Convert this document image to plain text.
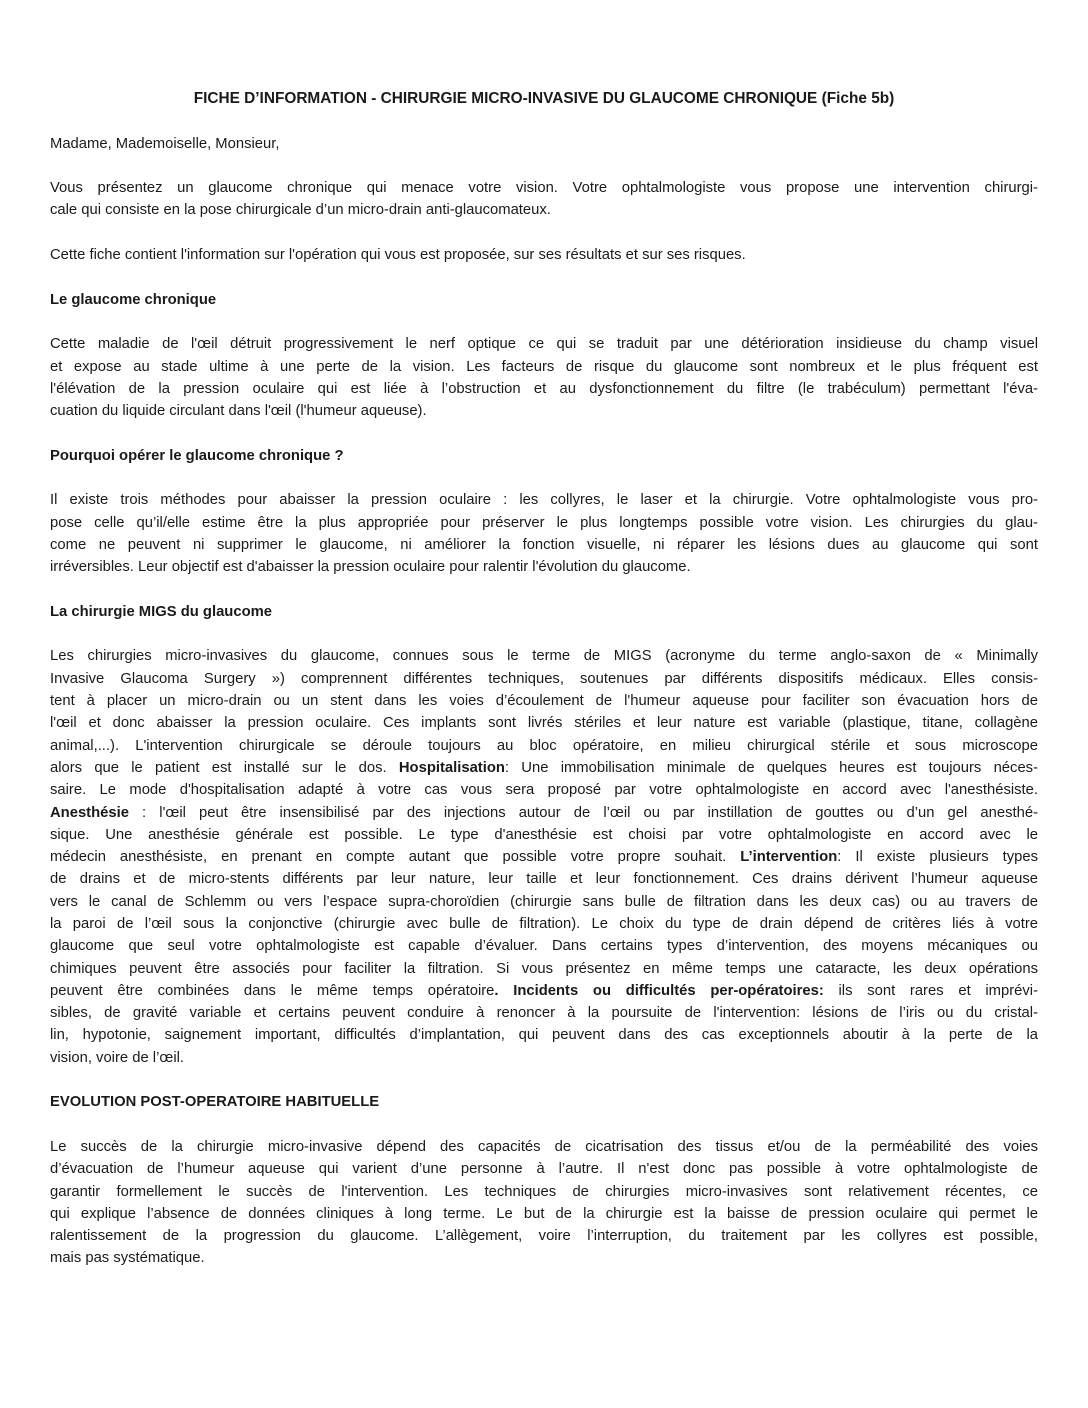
FICHE D’INFORMATION - CHIRURGIE MICRO-INVASIVE DU GLAUCOME CHRONIQUE (Fiche 5b)
Madame, Mademoiselle, Monsieur,
Vous présentez un glaucome chronique qui menace votre vision. Votre ophtalmologiste vous propose une intervention chirurgi-
cale qui consiste en la pose chirurgicale d’un micro-drain anti-glaucomateux.
Cette fiche contient l'information sur l'opération qui vous est proposée, sur ses résultats et sur ses risques.
Le glaucome chronique
Cette maladie de l'œil détruit progressivement le nerf optique ce qui se traduit par une détérioration insidieuse du champ visuel
et expose au stade ultime à une perte de la vision. Les facteurs de risque du glaucome sont nombreux et le plus fréquent est
l'élévation de la pression oculaire qui est liée à l’obstruction et au dysfonctionnement du filtre (le trabéculum) permettant l'éva-
cuation du liquide circulant dans l'œil (l'humeur aqueuse).
Pourquoi opérer le glaucome chronique ?
Il existe trois méthodes pour abaisser la pression oculaire : les collyres, le laser et la chirurgie. Votre ophtalmologiste vous pro-
pose celle qu’il/elle estime être la plus appropriée pour préserver le plus longtemps possible votre vision. Les chirurgies du glau-
come ne peuvent ni supprimer le glaucome, ni améliorer la fonction visuelle, ni réparer les lésions dues au glaucome qui sont
irréversibles. Leur objectif est d'abaisser la pression oculaire pour ralentir l'évolution du glaucome.
La chirurgie MIGS du glaucome
Les chirurgies micro-invasives du glaucome, connues sous le terme de MIGS (acronyme du terme anglo-saxon de « Minimally
Invasive Glaucoma Surgery ») comprennent différentes techniques, soutenues par différents dispositifs médicaux. Elles consis-
tent à placer un micro-drain ou un stent dans les voies d’écoulement de l'humeur aqueuse pour faciliter son évacuation hors de
l'œil et donc abaisser la pression oculaire. Ces implants sont livrés stériles et leur nature est variable (plastique, titane, collagène
animal,...). L'intervention chirurgicale se déroule toujours au bloc opératoire, en milieu chirurgical stérile et sous microscope
alors que le patient est installé sur le dos. Hospitalisation: Une immobilisation minimale de quelques heures est toujours néces-
saire. Le mode d'hospitalisation adapté à votre cas vous sera proposé par votre ophtalmologiste en accord avec l'anesthésiste.
Anesthésie : l'œil peut être insensibilisé par des injections autour de l’œil ou par instillation de gouttes ou d’un gel anesthé-
sique. Une anesthésie générale est possible. Le type d'anesthésie est choisi par votre ophtalmologiste en accord avec le
médecin anesthésiste, en prenant en compte autant que possible votre propre souhait. L’intervention: Il existe plusieurs types
de drains et de micro-stents différents par leur nature, leur taille et leur fonctionnement. Ces drains dérivent l’humeur aqueuse
vers le canal de Schlemm ou vers l’espace supra-choroïdien (chirurgie sans bulle de filtration dans les deux cas) ou au travers de
la paroi de l’œil sous la conjonctive (chirurgie avec bulle de filtration). Le choix du type de drain dépend de critères liés à votre
glaucome que seul votre ophtalmologiste est capable d’évaluer. Dans certains types d’intervention, des moyens mécaniques ou
chimiques peuvent être associés pour faciliter la filtration. Si vous présentez en même temps une cataracte, les deux opérations
peuvent être combinées dans le même temps opératoire. Incidents ou difficultés per-opératoires: ils sont rares et imprévi-
sibles, de gravité variable et certains peuvent conduire à renoncer à la poursuite de l'intervention: lésions de l’iris ou du cristal-
lin, hypotonie, saignement important, difficultés d’implantation, qui peuvent dans des cas exceptionnels aboutir à la perte de la
vision, voire de l’œil.
EVOLUTION POST-OPERATOIRE HABITUELLE
Le succès de la chirurgie micro-invasive dépend des capacités de cicatrisation des tissus et/ou de la perméabilité des voies
d’évacuation de l’humeur aqueuse qui varient d’une personne à l’autre. Il n'est donc pas possible à votre ophtalmologiste de
garantir formellement le succès de l'intervention. Les techniques de chirurgies micro-invasives sont relativement récentes, ce
qui explique l’absence de données cliniques à long terme. Le but de la chirurgie est la baisse de pression oculaire qui permet le
ralentissement de la progression du glaucome. L’allègement, voire l’interruption, du traitement par les collyres est possible,
mais pas systématique.
